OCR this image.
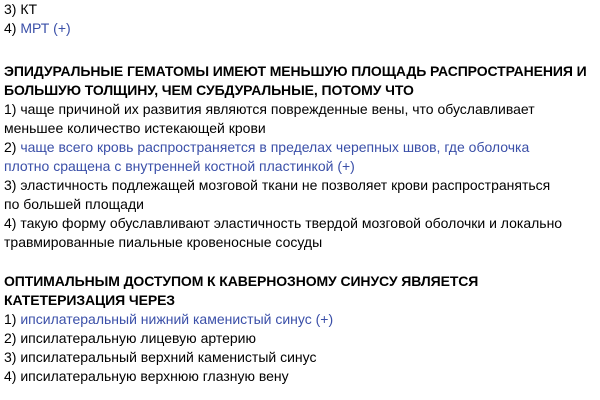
3) КТ
4) МРТ (+)
ЭПИДУРАЛЬНЫЕ ГЕМАТОМЫ ИМЕЮТ МЕНЬШУЮ ПЛОЩАДЬ РАСПРОСТРАНЕНИЯ И
БОЛЬШУЮ ТОЛЩИНУ, ЧЕМ СУБДУРАЛЬНЫЕ, ПОТОМУ ЧТО
1) чаще причиной их развития являются поврежденные вены, что обуславливает
меньшее количество истекающей крови
2) чаще всего кровь распространяется в пределах черепных швов, где оболочка
плотно сращена с внутренней костной пластинкой (+)
3) эластичность подлежащей мозговой ткани не позволяет крови распространяться
по большей площади
4) такую форму обуславливают эластичность твердой мозговой оболочки и локально
травмированные пиальные кровеносные сосуды
ОПТИМАЛЬНЫМ ДОСТУПОМ К КАВЕРНОЗНОМУ СИНУСУ ЯВЛЯЕТСЯ
КАТЕТЕРИЗАЦИЯ ЧЕРЕЗ
1) ипсилатеральный нижний каменистый синус (+)
2) ипсилатеральную лицевую артерию
3) ипсилатеральный верхний каменистый синус
4) ипсилатеральную верхнюю глазную вену
